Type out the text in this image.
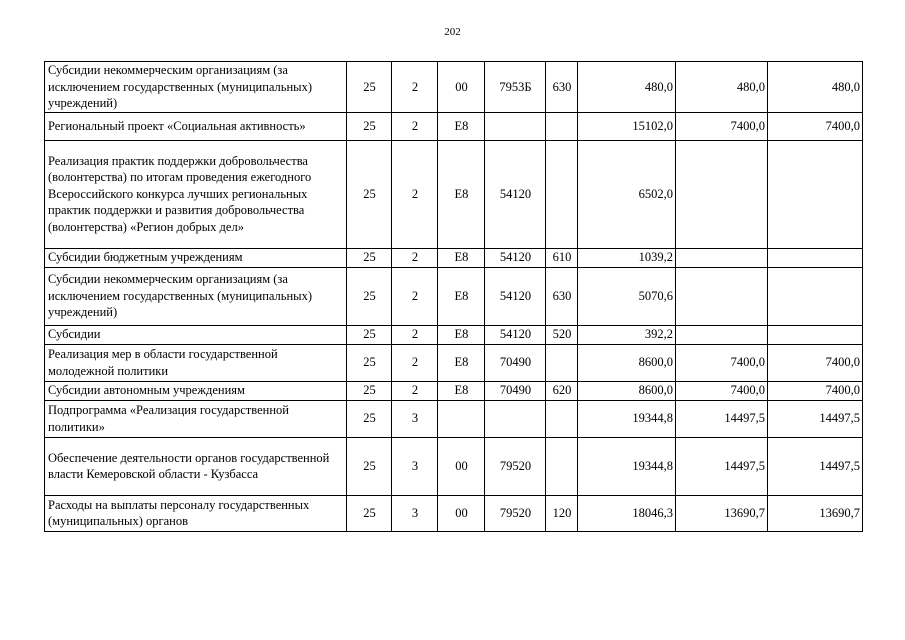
202
Субсидии некоммерческим организациям (за исключением государственных (муниципальных) учреждений)	25	2	00	7953Б	630	480,0	480,0	480,0
Региональный проект «Социальная активность»	25	2	Е8			15102,0	7400,0	7400,0
Реализация практик поддержки добровольчества (волонтерства) по итогам проведения ежегодного Всероссийского конкурса лучших региональных практик поддержки и развития добровольчества (волонтерства) «Регион добрых дел»	25	2	Е8	54120		6502,0		
Субсидии бюджетным учреждениям	25	2	Е8	54120	610	1039,2		
Субсидии некоммерческим организациям (за исключением государственных (муниципальных) учреждений)	25	2	Е8	54120	630	5070,6		
Субсидии	25	2	Е8	54120	520	392,2		
Реализация мер в области государственной молодежной политики	25	2	Е8	70490		8600,0	7400,0	7400,0
Субсидии автономным учреждениям	25	2	Е8	70490	620	8600,0	7400,0	7400,0
Подпрограмма «Реализация государственной политики»	25	3				19344,8	14497,5	14497,5
Обеспечение деятельности органов государственной власти Кемеровской области - Кузбасса	25	3	00	79520		19344,8	14497,5	14497,5
Расходы на выплаты персоналу государственных (муниципальных) органов	25	3	00	79520	120	18046,3	13690,7	13690,7
